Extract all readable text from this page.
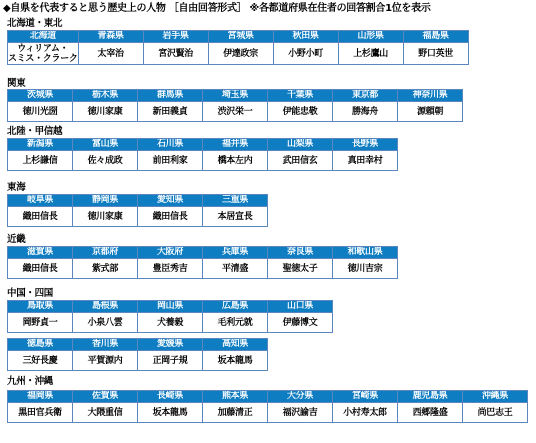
◆自県を代表すると思う歴史上の人物 ［自由回答形式］ ※各都道府県在住者の回答割合1位を表示
北海道・東北
北海道	青森県	岩手県	宮城県	秋田県	山形県	福島県

ウィリアム・
スミス・クラーク	太宰治	宮沢賢治	伊達政宗	小野小町	上杉鷹山	野口英世
関東
茨城県	栃木県	群馬県	埼玉県	千葉県	東京都	神奈川県
徳川光圀	徳川家康	新田義貞	渋沢栄一	伊能忠敬	勝海舟	源頼朝
北陸・甲信越
新潟県	富山県	石川県	福井県	山梨県	長野県
上杉謙信	佐々成政	前田利家	橋本左内	武田信玄	真田幸村
東海
岐阜県	静岡県	愛知県	三重県
織田信長	徳川家康	織田信長	本居宣長
近畿
滋賀県	京都府	大阪府	兵庫県	奈良県	和歌山県
織田信長	紫式部	豊臣秀吉	平清盛	聖徳太子	徳川吉宗
中国・四国
鳥取県	島根県	岡山県	広島県	山口県
岡野貞一	小泉八雲	犬養毅	毛利元就	伊藤博文
徳島県	香川県	愛媛県	高知県
三好長慶	平賀源内	正岡子規	坂本龍馬
九州・沖縄
福岡県	佐賀県	長崎県	熊本県	大分県	宮崎県	鹿児島県	沖縄県
黒田官兵衛	大隈重信	坂本龍馬	加藤清正	福沢諭吉	小村寿太郎	西郷隆盛	尚巴志王
